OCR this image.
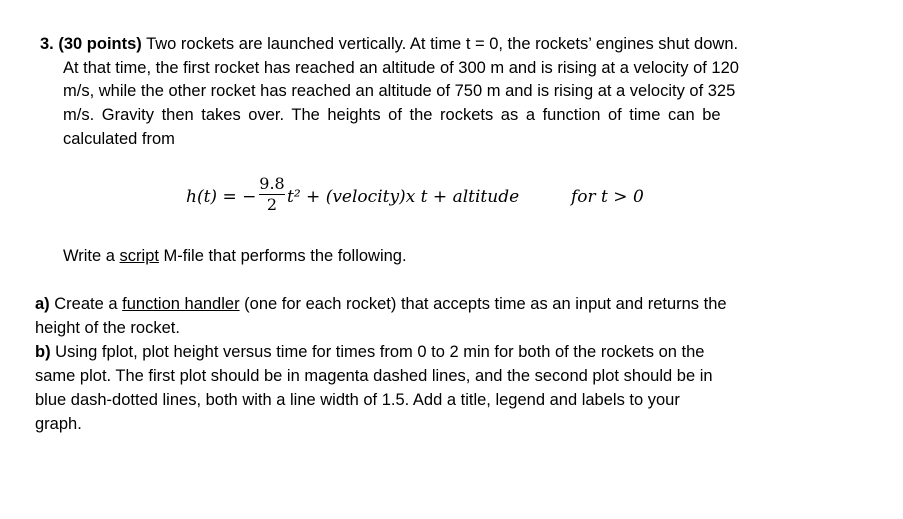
3. (30 points) Two rockets are launched vertically. At time t = 0, the rockets’ engines shut down.
At that time, the first rocket has reached an altitude of 300 m and is rising at a velocity of 120
m/s, while the other rocket has reached an altitude of 750 m and is rising at a velocity of 325
m/s. Gravity then takes over. The heights of the rockets as a function of time can be
calculated from
h(t) = −
9.8
2 t² + (velocity)x t + altitude	for t > 0
Write a script M-file that performs the following.
a) Create a function handler (one for each rocket) that accepts time as an input and returns the
height of the rocket.
b) Using fplot, plot height versus time for times from 0 to 2 min for both of the rockets on the
same plot. The first plot should be in magenta dashed lines, and the second plot should be in
blue dash-dotted lines, both with a line width of 1.5. Add a title, legend and labels to your
graph.
